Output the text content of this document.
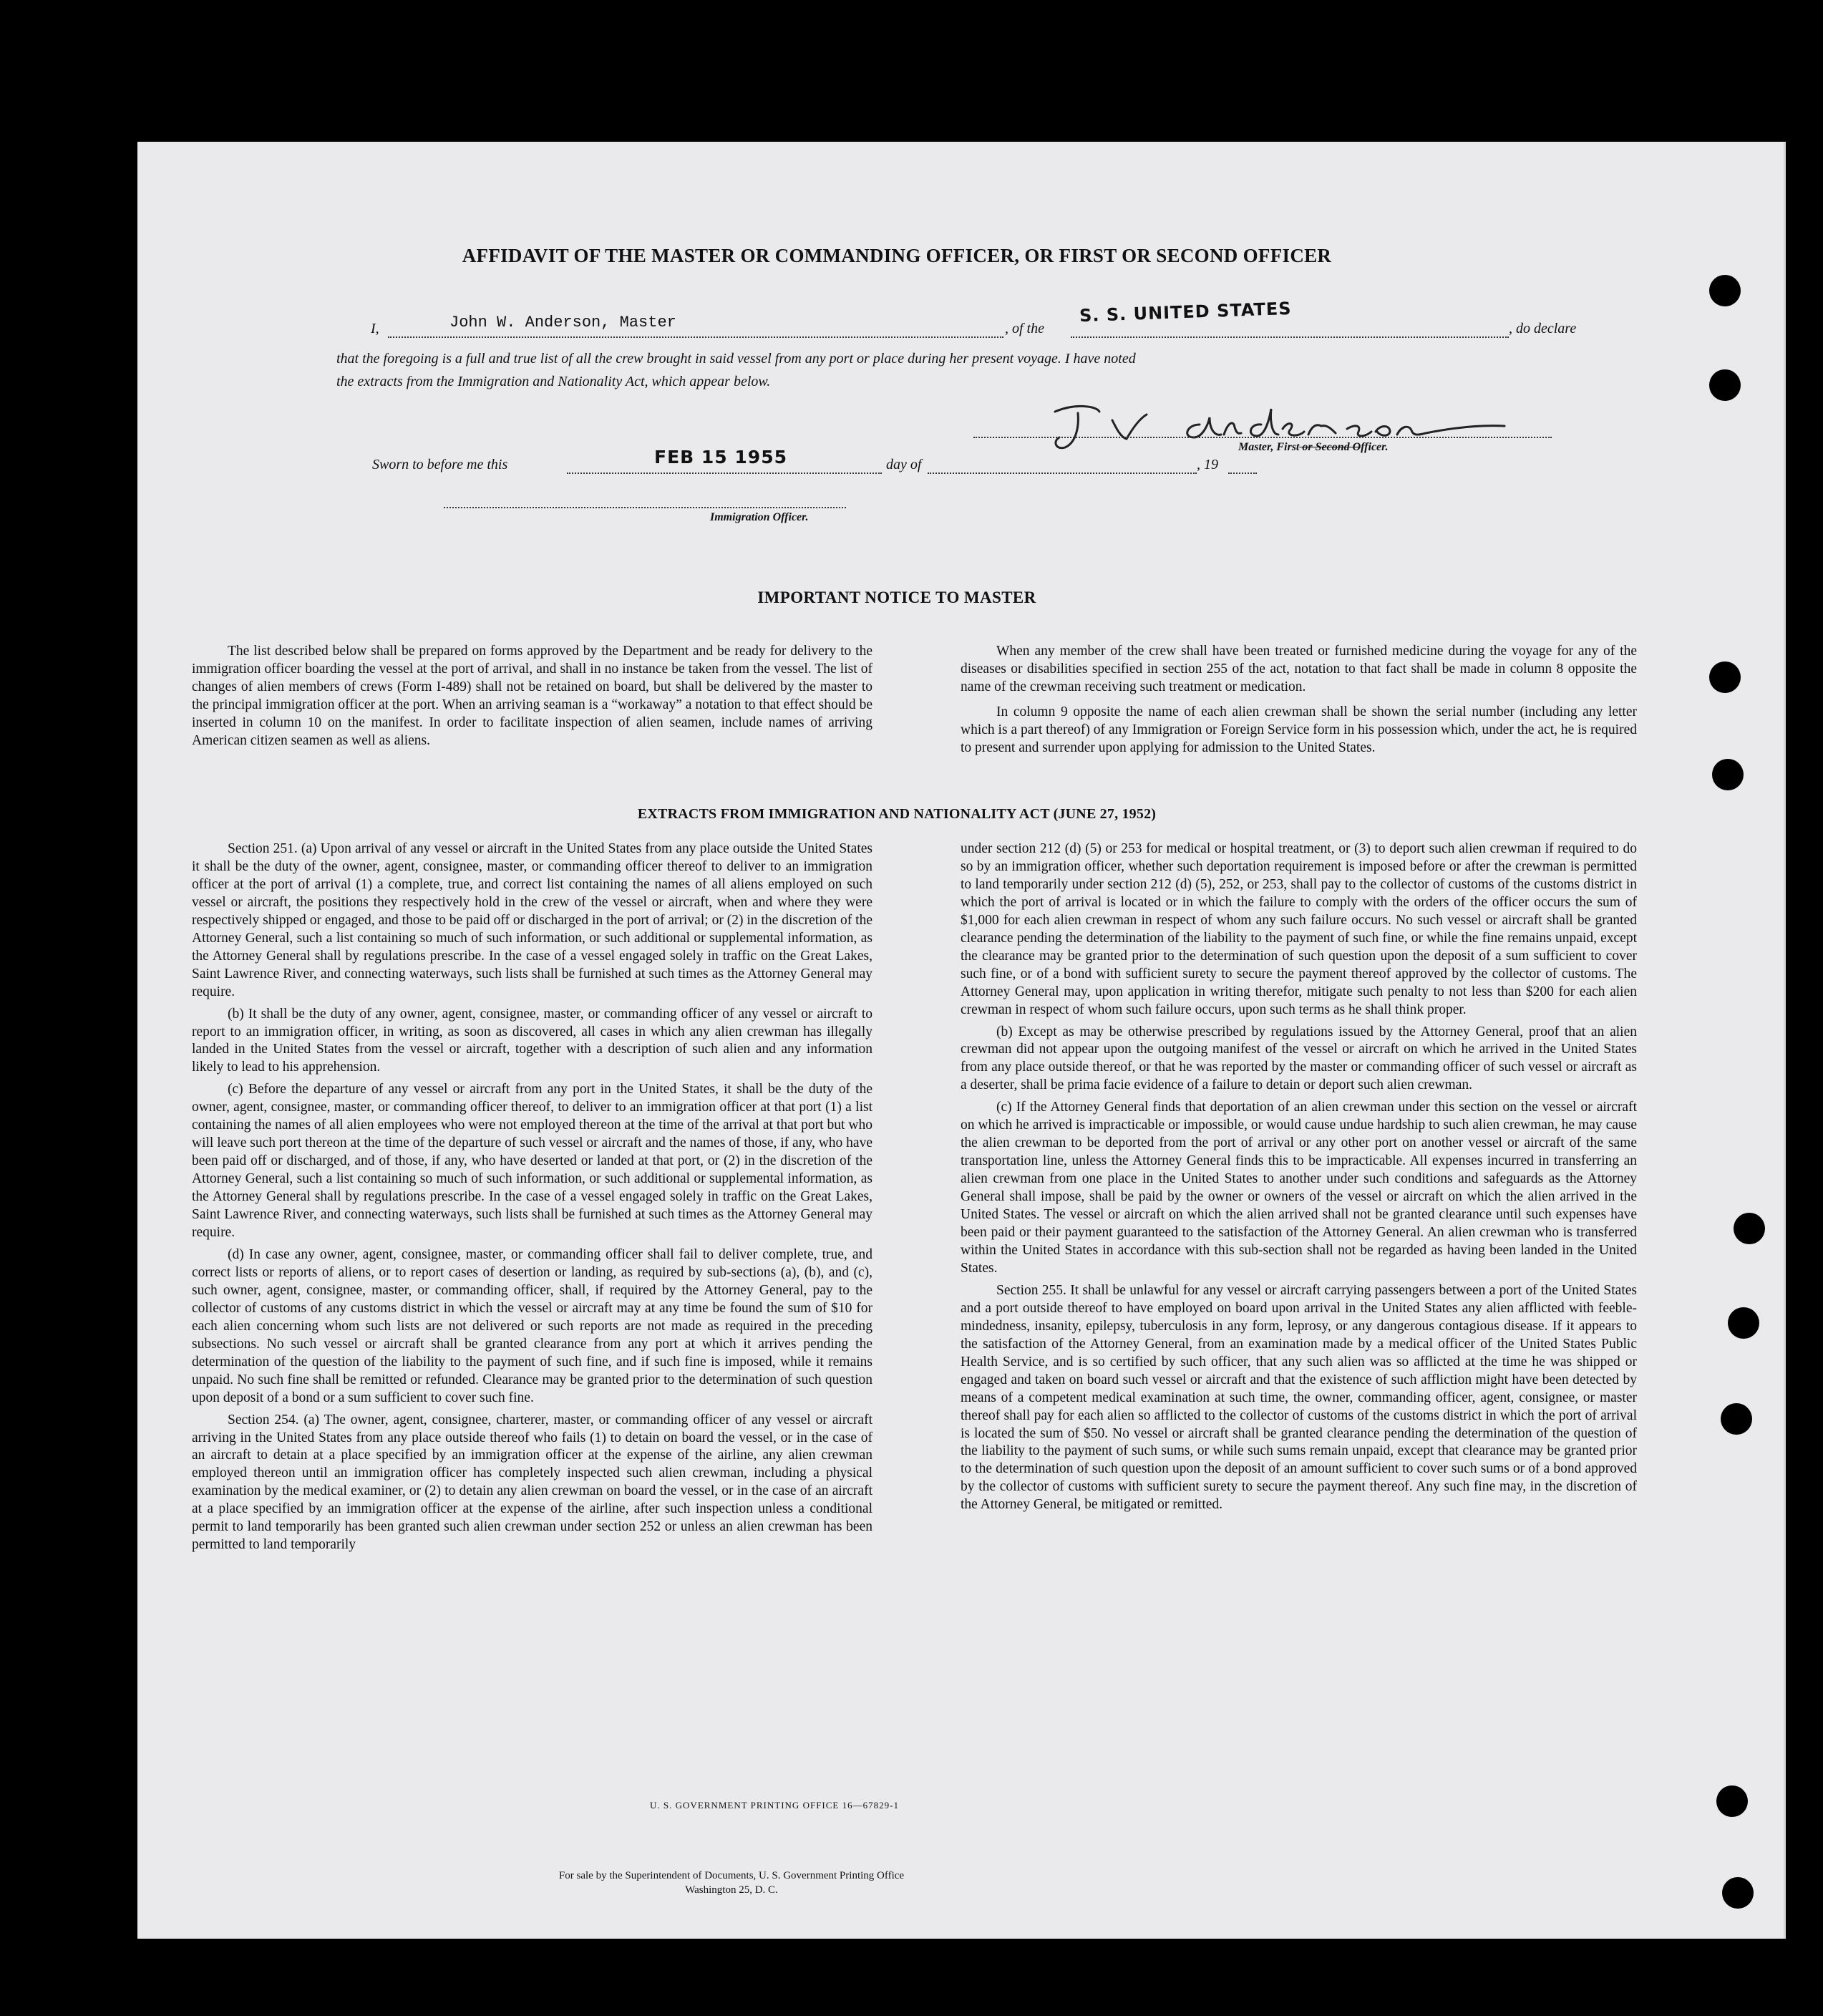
AFFIDAVIT OF THE MASTER OR COMMANDING OFFICER, OR FIRST OR SECOND OFFICER
I,	John W. Anderson, Master	, of the
S. S. UNITED STATES
, do declare
that the foregoing is a full and true list of all the crew brought in said vessel from any port or place during her present voyage. I have noted
the extracts from the Immigration and Nationality Act, which appear below.
Master, First or Second Officer.
Sworn to before me this	FEB 15 1955	day of	, 19
Immigration Officer.
IMPORTANT NOTICE TO MASTER

The list described below shall be prepared on forms approved by the Department and be ready for delivery to the immigration officer boarding the vessel at the port of arrival, and shall in no instance be taken from the vessel. The list of changes of alien members of crews (Form I-489) shall not be retained on board, but shall be delivered by the master to the principal immigration officer at the port. When an arriving seaman is a “workaway” a notation to that effect should be inserted in column 10 on the manifest. In order to facilitate inspection of alien seamen, include names of arriving American citizen seamen as well as aliens.

When any member of the crew shall have been treated or furnished medicine during the voyage for any of the diseases or disabilities specified in section 255 of the act, notation to that fact shall be made in column 8 opposite the name of the crewman receiving such treatment or medication.

In column 9 opposite the name of each alien crewman shall be shown the serial number (including any letter which is a part thereof) of any Immigration or Foreign Service form in his possession which, under the act, he is required to present and surrender upon applying for admission to the United States.

EXTRACTS FROM IMMIGRATION AND NATIONALITY ACT (JUNE 27, 1952)

Section 251. (a) Upon arrival of any vessel or aircraft in the United States from any place outside the United States it shall be the duty of the owner, agent, consignee, master, or commanding officer thereof to deliver to an immigration officer at the port of arrival (1) a complete, true, and correct list containing the names of all aliens employed on such vessel or aircraft, the positions they respectively hold in the crew of the vessel or aircraft, when and where they were respectively shipped or engaged, and those to be paid off or discharged in the port of arrival; or (2) in the discretion of the Attorney General, such a list containing so much of such information, or such additional or supplemental information, as the Attorney General shall by regulations prescribe. In the case of a vessel engaged solely in traffic on the Great Lakes, Saint Lawrence River, and connecting waterways, such lists shall be furnished at such times as the Attorney General may require.

(b) It shall be the duty of any owner, agent, consignee, master, or commanding officer of any vessel or aircraft to report to an immigration officer, in writing, as soon as discovered, all cases in which any alien crewman has illegally landed in the United States from the vessel or aircraft, together with a description of such alien and any information likely to lead to his apprehension.

(c) Before the departure of any vessel or aircraft from any port in the United States, it shall be the duty of the owner, agent, consignee, master, or commanding officer thereof, to deliver to an immigration officer at that port (1) a list containing the names of all alien employees who were not employed thereon at the time of the arrival at that port but who will leave such port thereon at the time of the departure of such vessel or aircraft and the names of those, if any, who have been paid off or discharged, and of those, if any, who have deserted or landed at that port, or (2) in the discretion of the Attorney General, such a list containing so much of such information, or such additional or supplemental information, as the Attorney General shall by regulations prescribe. In the case of a vessel engaged solely in traffic on the Great Lakes, Saint Lawrence River, and connecting waterways, such lists shall be furnished at such times as the Attorney General may require.

(d) In case any owner, agent, consignee, master, or commanding officer shall fail to deliver complete, true, and correct lists or reports of aliens, or to report cases of desertion or landing, as required by sub-sections (a), (b), and (c), such owner, agent, consignee, master, or commanding officer, shall, if required by the Attorney General, pay to the collector of customs of any customs district in which the vessel or aircraft may at any time be found the sum of $10 for each alien concerning whom such lists are not delivered or such reports are not made as required in the preceding subsections. No such vessel or aircraft shall be granted clearance from any port at which it arrives pending the determination of the question of the liability to the payment of such fine, and if such fine is imposed, while it remains unpaid. No such fine shall be remitted or refunded. Clearance may be granted prior to the determination of such question upon deposit of a bond or a sum sufficient to cover such fine.

Section 254. (a) The owner, agent, consignee, charterer, master, or commanding officer of any vessel or aircraft arriving in the United States from any place outside thereof who fails (1) to detain on board the vessel, or in the case of an aircraft to detain at a place specified by an immigration officer at the expense of the airline, any alien crewman employed thereon until an immigration officer has completely inspected such alien crewman, including a physical examination by the medical examiner, or (2) to detain any alien crewman on board the vessel, or in the case of an aircraft at a place specified by an immigration officer at the expense of the airline, after such inspection unless a conditional permit to land temporarily has been granted such alien crewman under section 252 or unless an alien crewman has been permitted to land temporarily

under section 212 (d) (5) or 253 for medical or hospital treatment, or (3) to deport such alien crewman if required to do so by an immigration officer, whether such deportation requirement is imposed before or after the crewman is permitted to land temporarily under section 212 (d) (5), 252, or 253, shall pay to the collector of customs of the customs district in which the port of arrival is located or in which the failure to comply with the orders of the officer occurs the sum of $1,000 for each alien crewman in respect of whom any such failure occurs. No such vessel or aircraft shall be granted clearance pending the determination of the liability to the payment of such fine, or while the fine remains unpaid, except the clearance may be granted prior to the determination of such question upon the deposit of a sum sufficient to cover such fine, or of a bond with sufficient surety to secure the payment thereof approved by the collector of customs. The Attorney General may, upon application in writing therefor, mitigate such penalty to not less than $200 for each alien crewman in respect of whom such failure occurs, upon such terms as he shall think proper.

(b) Except as may be otherwise prescribed by regulations issued by the Attorney General, proof that an alien crewman did not appear upon the outgoing manifest of the vessel or aircraft on which he arrived in the United States from any place outside thereof, or that he was reported by the master or commanding officer of such vessel or aircraft as a deserter, shall be prima facie evidence of a failure to detain or deport such alien crewman.

(c) If the Attorney General finds that deportation of an alien crewman under this section on the vessel or aircraft on which he arrived is impracticable or impossible, or would cause undue hardship to such alien crewman, he may cause the alien crewman to be deported from the port of arrival or any other port on another vessel or aircraft of the same transportation line, unless the Attorney General finds this to be impracticable. All expenses incurred in transferring an alien crewman from one place in the United States to another under such conditions and safeguards as the Attorney General shall impose, shall be paid by the owner or owners of the vessel or aircraft on which the alien arrived in the United States. The vessel or aircraft on which the alien arrived shall not be granted clearance until such expenses have been paid or their payment guaranteed to the satisfaction of the Attorney General. An alien crewman who is transferred within the United States in accordance with this sub-section shall not be regarded as having been landed in the United States.

Section 255. It shall be unlawful for any vessel or aircraft carrying passengers between a port of the United States and a port outside thereof to have employed on board upon arrival in the United States any alien afflicted with feeble-mindedness, insanity, epilepsy, tuberculosis in any form, leprosy, or any dangerous contagious disease. If it appears to the satisfaction of the Attorney General, from an examination made by a medical officer of the United States Public Health Service, and is so certified by such officer, that any such alien was so afflicted at the time he was shipped or engaged and taken on board such vessel or aircraft and that the existence of such affliction might have been detected by means of a competent medical examination at such time, the owner, commanding officer, agent, consignee, or master thereof shall pay for each alien so afflicted to the collector of customs of the customs district in which the port of arrival is located the sum of $50. No vessel or aircraft shall be granted clearance pending the determination of the question of the liability to the payment of such sums, or while such sums remain unpaid, except that clearance may be granted prior to the determination of such question upon the deposit of an amount sufficient to cover such sums or of a bond approved by the collector of customs with sufficient surety to secure the payment thereof. Any such fine may, in the discretion of the Attorney General, be mitigated or remitted.

U. S. GOVERNMENT PRINTING OFFICE 16—67829-1
For sale by the Superintendent of Documents, U. S. Government Printing Office
Washington 25, D. C.
